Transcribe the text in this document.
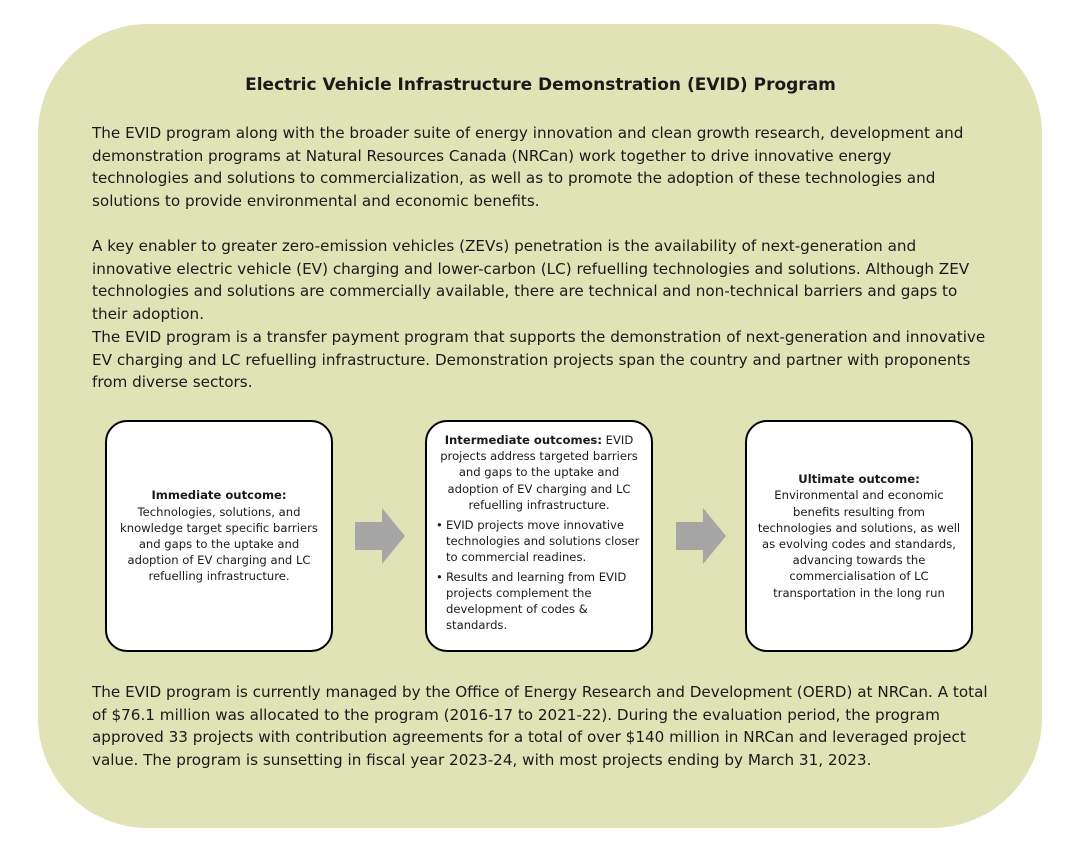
Electric Vehicle Infrastructure Demonstration (EVID) Program

The EVID program along with the broader suite of energy innovation and clean growth research, development and demonstration programs at Natural Resources Canada (NRCan) work together to drive innovative energy technologies and solutions to commercialization, as well as to promote the adoption of these technologies and solutions to provide environmental and economic benefits.

A key enabler to greater zero-emission vehicles (ZEVs) penetration is the availability of next-generation and innovative electric vehicle (EV) charging and lower-carbon (LC) refuelling technologies and solutions. Although ZEV technologies and solutions are commercially available, there are technical and non-technical barriers and gaps to their adoption.

The EVID program is a transfer payment program that supports the demonstration of next-generation and innovative EV charging and LC refuelling infrastructure. Demonstration projects span the country and partner with proponents from diverse sectors.

Immediate outcome:

Technologies, solutions, and knowledge target specific barriers and gaps to the uptake and adoption of EV charging and LC refuelling infrastructure.

Intermediate outcomes: EVID projects address targeted barriers and gaps to the uptake and adoption of EV charging and LC refuelling infrastructure.

• EVID projects move innovative technologies and solutions closer to commercial readines.
• Results and learning from EVID projects complement the development of codes & standards.

Ultimate outcome:

Environmental and economic benefits resulting from technologies and solutions, as well as evolving codes and standards, advancing towards the commercialisation of LC transportation in the long run

The EVID program is currently managed by the Office of Energy Research and Development (OERD) at NRCan. A total of $76.1 million was allocated to the program (2016-17 to 2021-22). During the evaluation period, the program approved 33 projects with contribution agreements for a total of over $140 million in NRCan and leveraged project value. The program is sunsetting in fiscal year 2023-24, with most projects ending by March 31, 2023.
